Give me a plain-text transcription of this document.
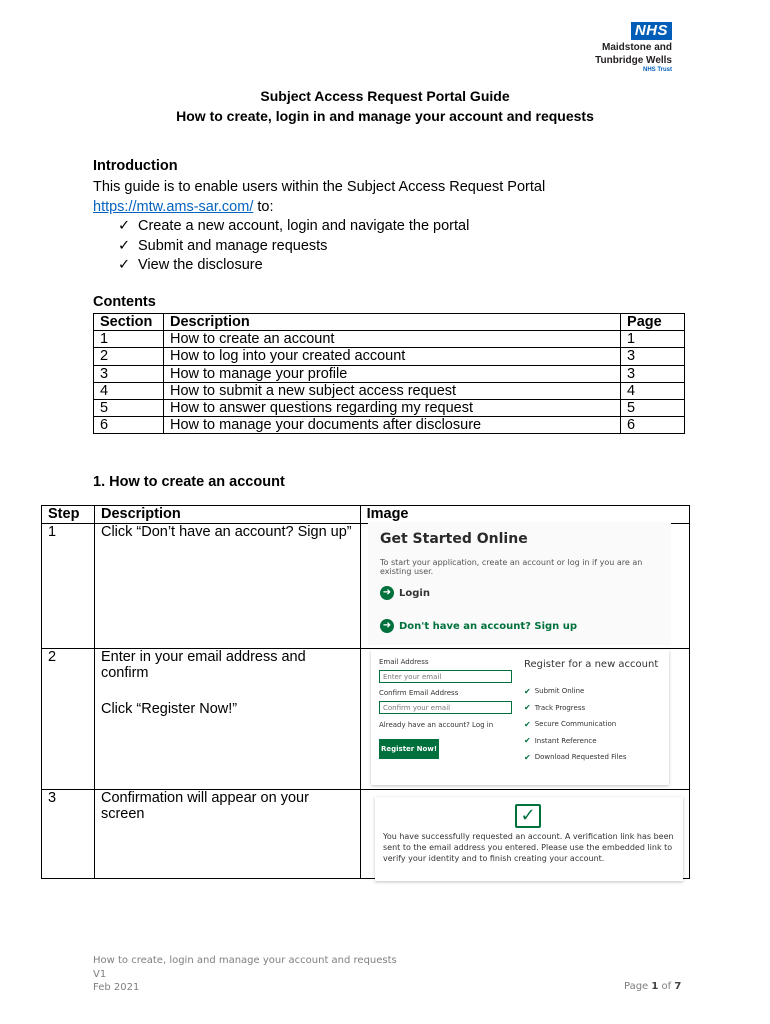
NHS
Maidstone and
Tunbridge Wells
NHS Trust
Subject Access Request Portal Guide
How to create, login in and manage your account and requests
Introduction
This guide is to enable users within the Subject Access Request Portal
https://mtw.ams-sar.com/ to:
✓ Create a new account, login and navigate the portal
✓ Submit and manage requests
✓ View the disclosure
Contents
Section	Description	Page
1	How to create an account	1
2	How to log into your created account	3
3	How to manage your profile	3
4	How to submit a new subject access request	4
5	How to answer questions regarding my request	5
6	How to manage your documents after disclosure	6
1. How to create an account
Step	Description	Image
1	Click “Don’t have an account? Sign up”	

2	Enter in your email address and confirm
Click “Register Now!”	

3	Confirmation will appear on your screen	

Get Started Online
To start your application, create an account or log in if you are an existing user.
➜ Login
➜ Don't have an account? Sign up
Email Address
Enter your email
Confirm Email Address
Confirm your email
Already have an account? Log in
Register Now!
Register for a new account
✔ Submit Online
✔ Track Progress
✔ Secure Communication
✔ Instant Reference
✔ Download Requested Files
✓
You have successfully requested an account. A verification link has been sent to the email address you entered. Please use the embedded link to verify your identity and to finish creating your account.
How to create, login and manage your account and requests
V1
Feb 2021	Page 1 of 7
